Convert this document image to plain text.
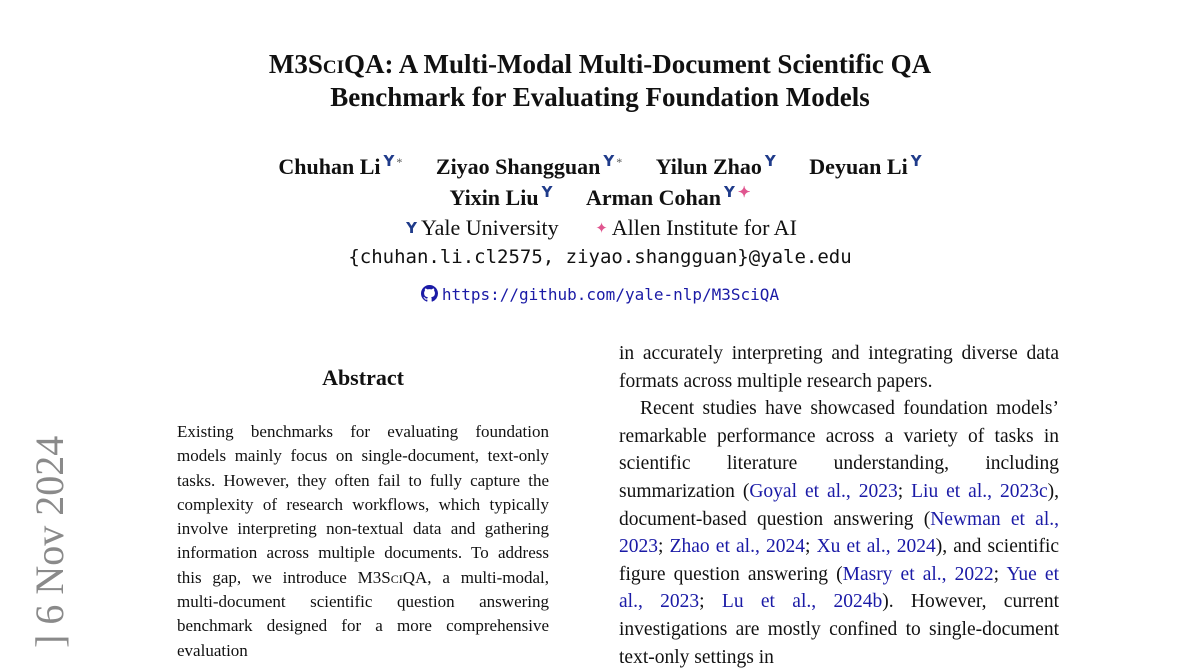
] 6 Nov 2024
M3SciQA: A Multi-Modal Multi-Document Scientific QA
Benchmark for Evaluating Foundation Models
Chuhan Li Y * Ziyao Shangguan Y * Yilun Zhao Y Deyuan Li Y
Yixin Liu Y Arman Cohan Y ✦
Y Yale University ✦ Allen Institute for AI
{chuhan.li.cl2575, ziyao.shangguan}@yale.edu
https://github.com/yale-nlp/M3SciQA
Abstract

Existing benchmarks for evaluating foundation models mainly focus on single-document, text-only tasks. However, they often fail to fully capture the complexity of research workflows, which typically involve interpreting non-textual data and gathering information across multiple documents. To address this gap, we introduce M3SciQA, a multi-modal, multi-document scientific question answering benchmark designed for a more comprehensive evaluation

in accurately interpreting and integrating diverse data formats across multiple research papers.

Recent studies have showcased foundation models’ remarkable performance across a variety of tasks in scientific literature understanding, including summarization (Goyal et al., 2023; Liu et al., 2023c), document-based question answering (Newman et al., 2023; Zhao et al., 2024; Xu et al., 2024), and scientific figure question answering (Masry et al., 2022; Yue et al., 2023; Lu et al., 2024b). However, current investigations are mostly confined to single-document text-only settings in
